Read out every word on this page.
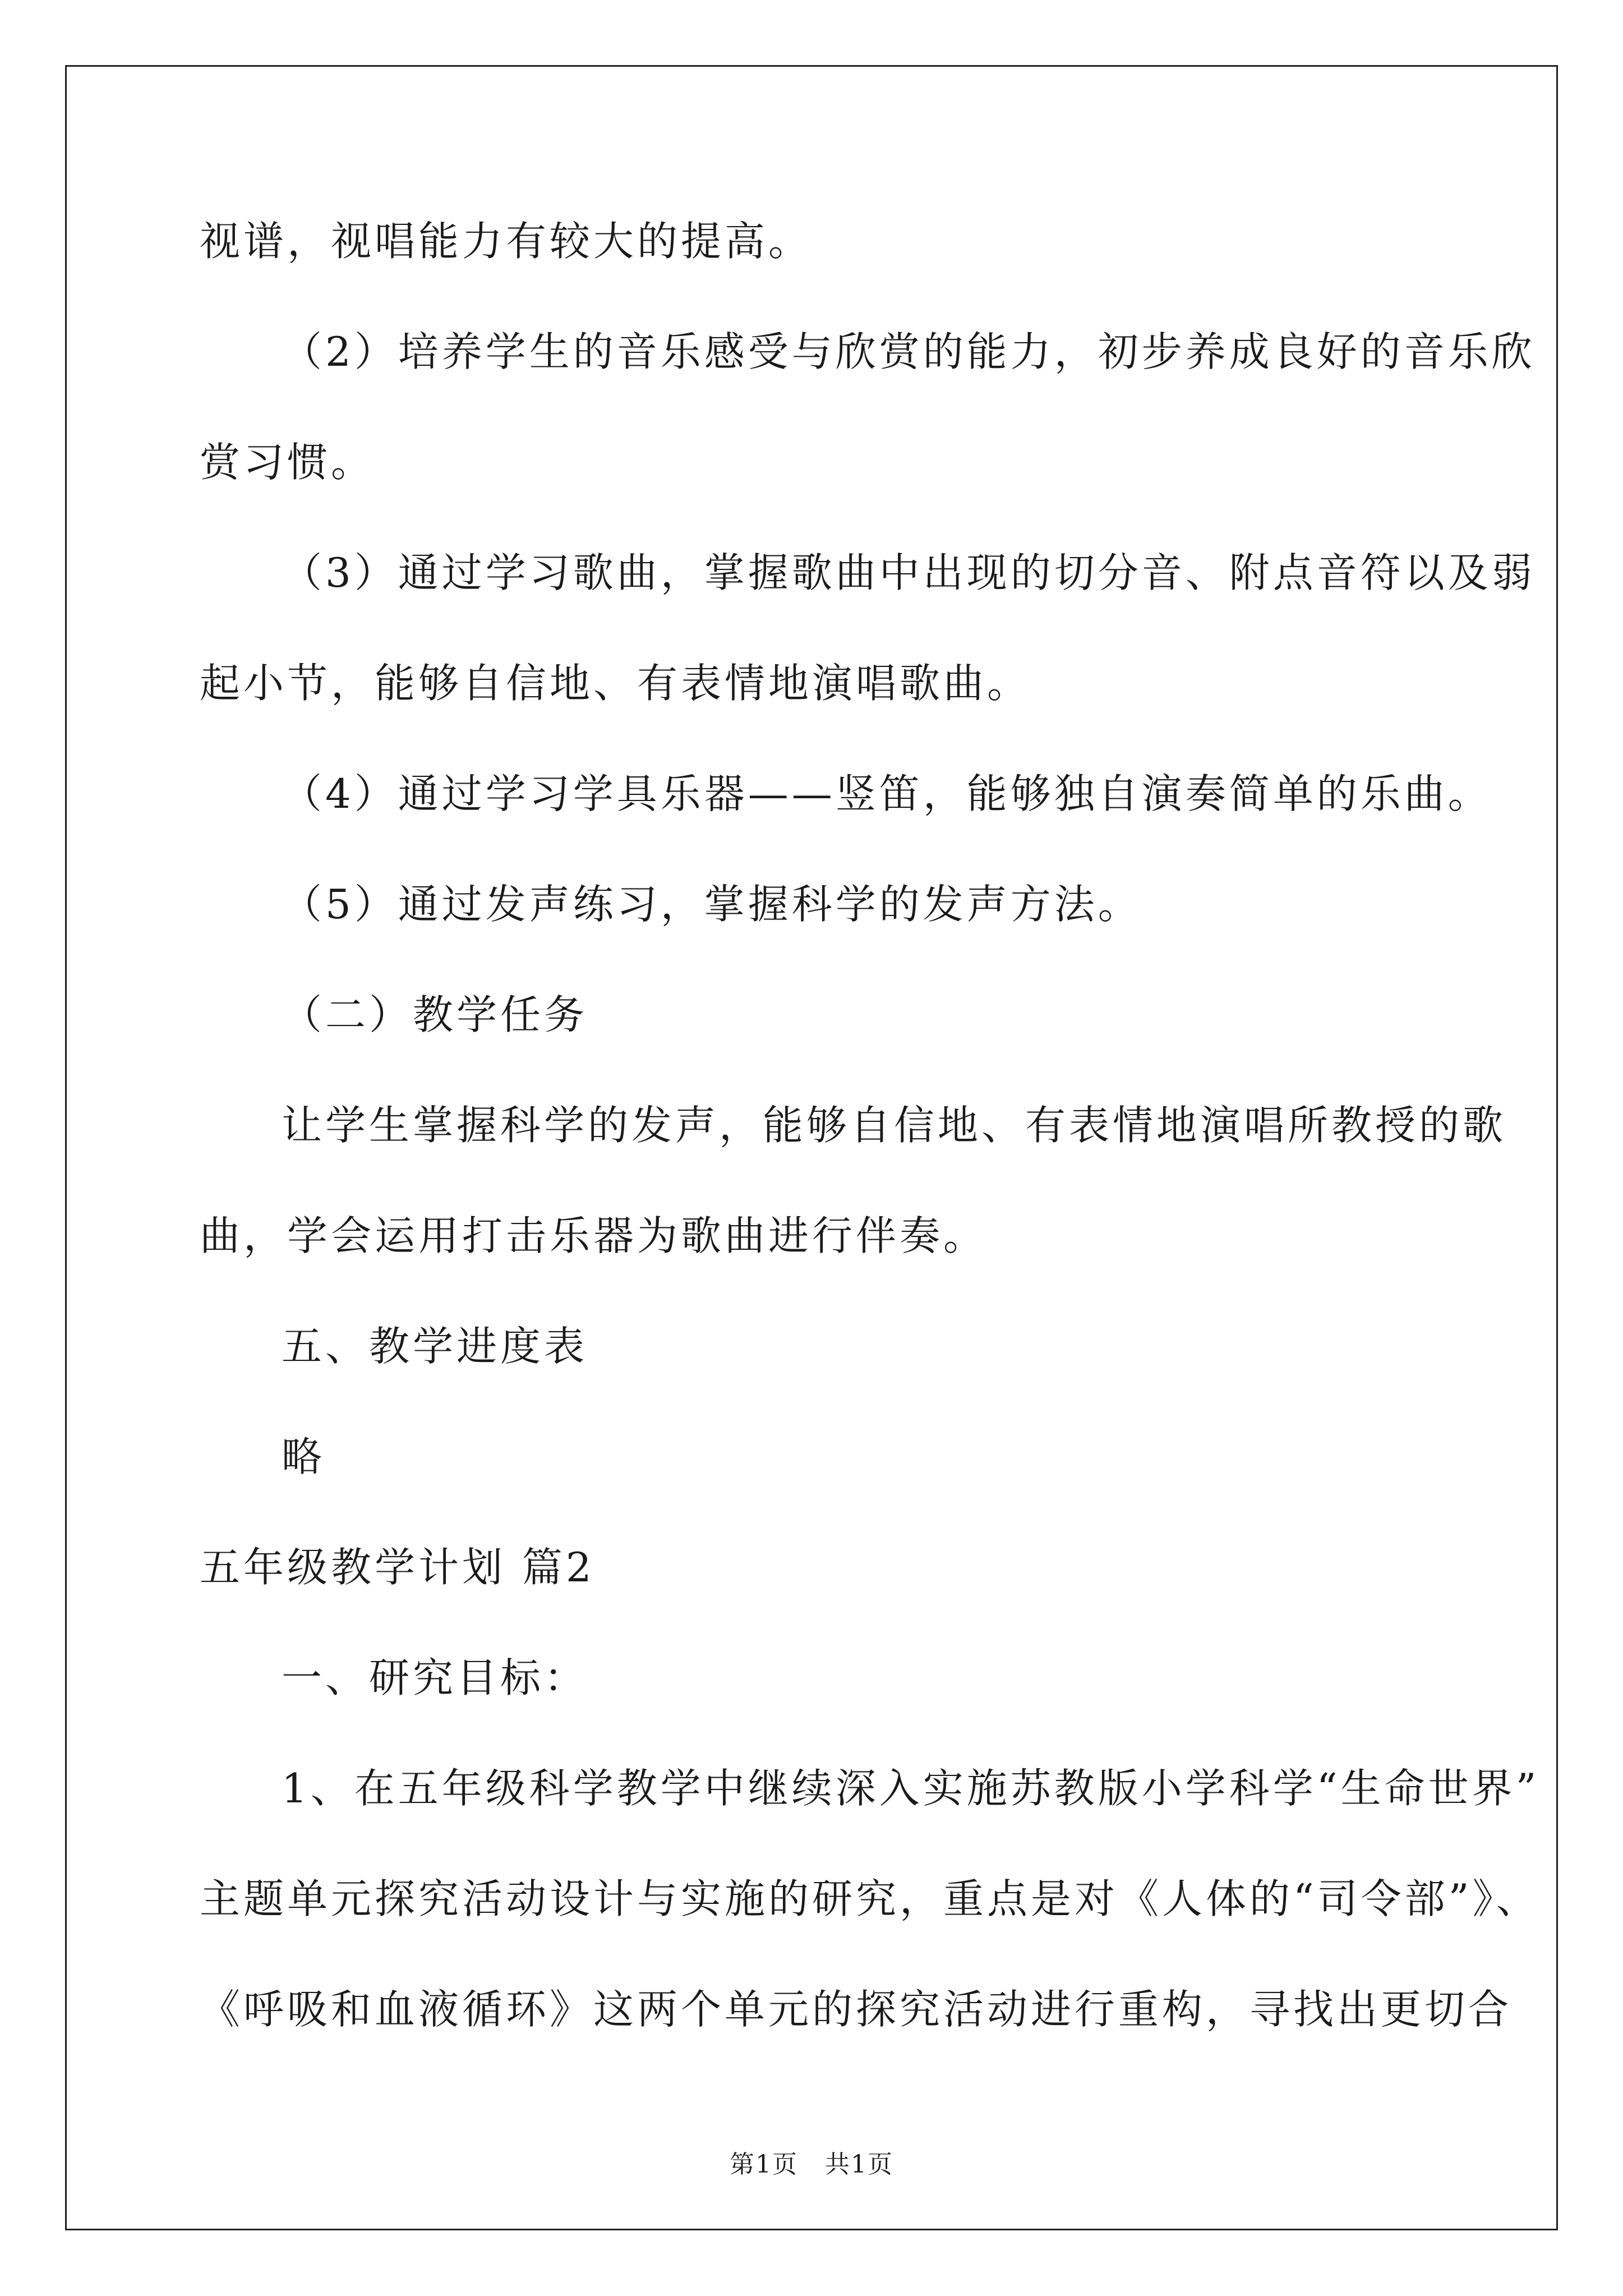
视谱，视唱能力有较大的提高。
（2）培养学生的音乐感受与欣赏的能力，初步养成良好的音乐欣
赏习惯。
（3）通过学习歌曲，掌握歌曲中出现的切分音、附点音符以及弱
起小节，能够自信地、有表情地演唱歌曲。
（4）通过学习学具乐器——竖笛，能够独自演奏简单的乐曲。
（5）通过发声练习，掌握科学的发声方法。
（二）教学任务
让学生掌握科学的发声，能够自信地、有表情地演唱所教授的歌
曲，学会运用打击乐器为歌曲进行伴奏。
五、教学进度表
略
五年级教学计划 篇2
一、研究目标：
1、在五年级科学教学中继续深入实施苏教版小学科学“生命世界”
主题单元探究活动设计与实施的研究，重点是对《人体的“司令部”》、
《呼吸和血液循环》这两个单元的探究活动进行重构，寻找出更切合
第1页   共1页
